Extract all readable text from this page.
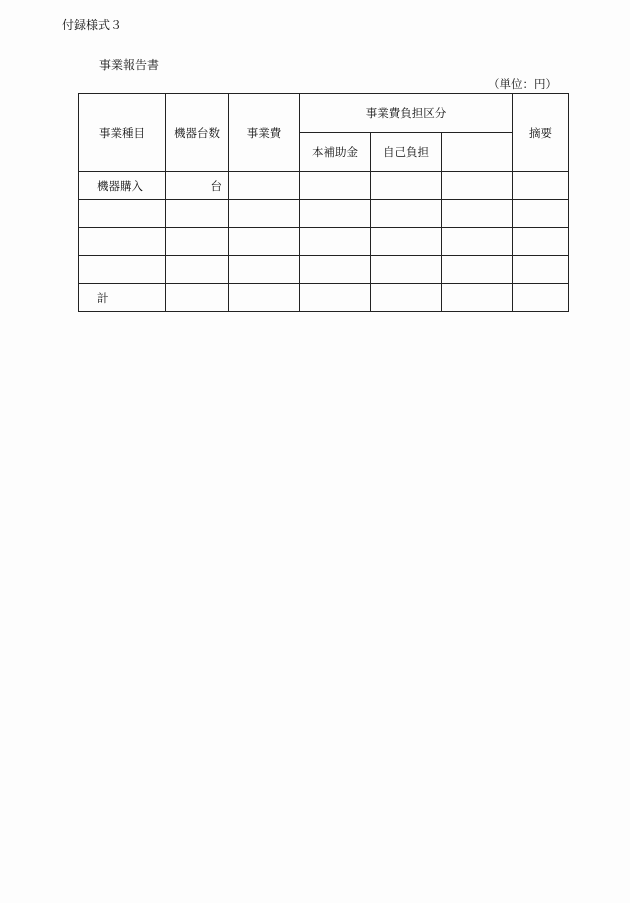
付録様式３
事業報告書
（単位：円）
事業種目	機器台数	事業費	事業費負担区分			摘要
			本補助金	自己負担		
機器購入	台					

計						
